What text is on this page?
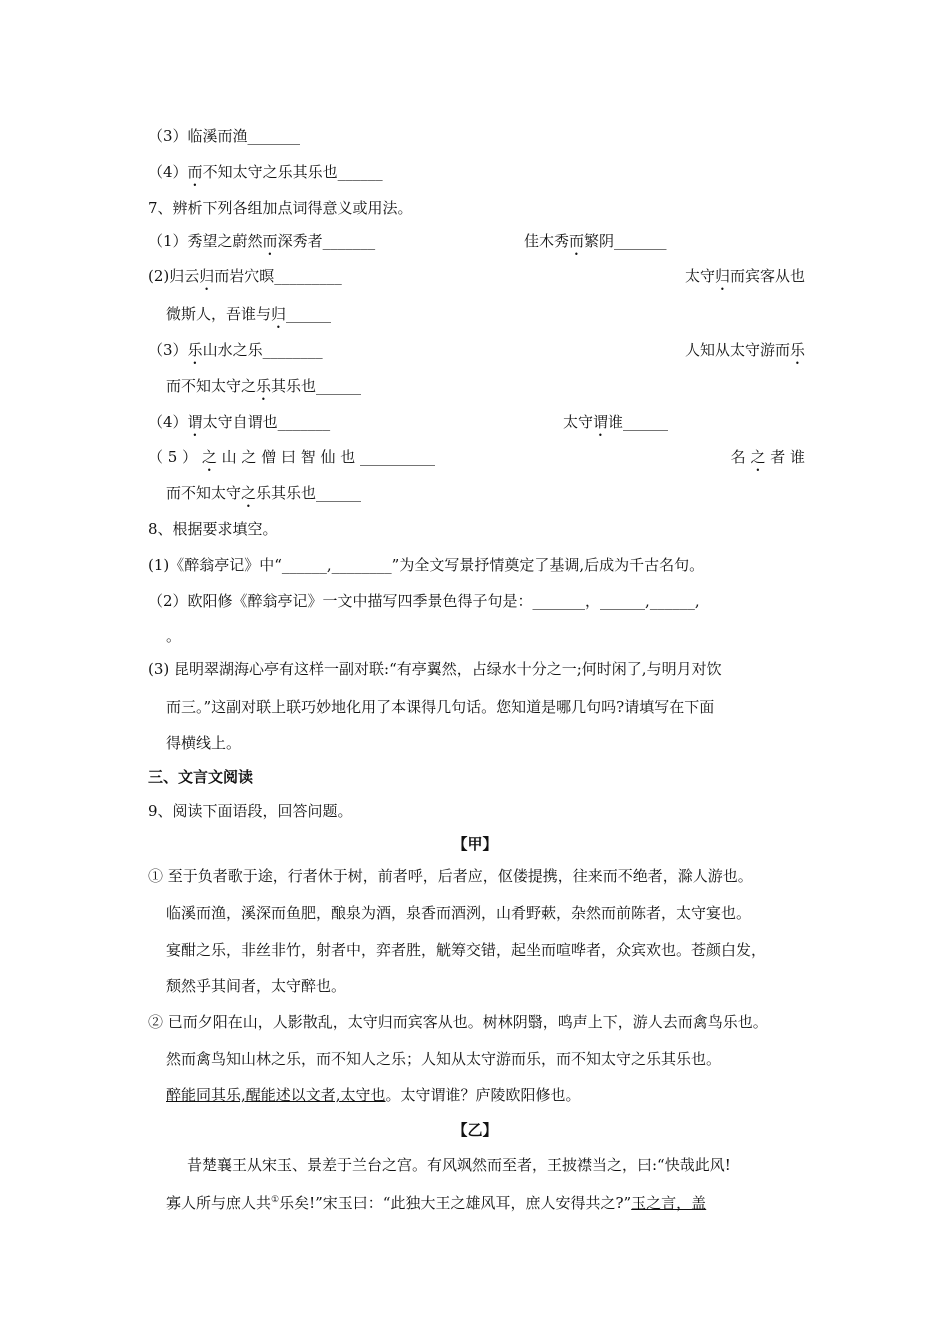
（3）临溪而渔_______
（4）而不知太守之乐其乐也______
7、辨析下列各组加点词得意义或用法。
（1）秀望之蔚然而深秀者_______	佳木秀而繁阴_______
(2)归云归而岩穴暝_________	太守归而宾客从也
微斯人，吾谁与归______
（3）乐山水之乐________	人知从太守游而乐
而不知太守之乐其乐也______
（4）谓太守自谓也_______	太守谓谁______
（ 5 ） 之 山 之 僧 曰 智 仙 也 __________	名 之 者 谁
而不知太守之乐其乐也______
8、根据要求填空。
(1)《醉翁亭记》中“______,________”为全文写景抒情奠定了基调,后成为千古名句。
（2）欧阳修《醉翁亭记》一文中描写四季景色得子句是：_______，______,______,
。
(3) 昆明翠湖海心亭有这样一副对联:“有亭翼然，占绿水十分之一;何时闲了,与明月对饮
而三。”这副对联上联巧妙地化用了本课得几句话。您知道是哪几句吗?请填写在下面
得横线上。
三、文言文阅读
9、阅读下面语段，回答问题。
【甲】
① 至于负者歌于途，行者休于树，前者呼，后者应，伛偻提携，往来而不绝者，滁人游也。
临溪而渔，溪深而鱼肥，酿泉为酒，泉香而酒洌，山肴野蔌，杂然而前陈者，太守宴也。
宴酣之乐，非丝非竹，射者中，弈者胜，觥筹交错，起坐而喧哗者，众宾欢也。苍颜白发，
颓然乎其间者，太守醉也。
② 已而夕阳在山，人影散乱，太守归而宾客从也。树林阴翳，鸣声上下，游人去而禽鸟乐也。
然而禽鸟知山林之乐，而不知人之乐；人知从太守游而乐，而不知太守之乐其乐也。
醉能同其乐,醒能述以文者,太守也。太守谓谁？庐陵欧阳修也。
【乙】
昔楚襄王从宋玉、景差于兰台之宫。有风飒然而至者，王披襟当之，曰:“快哉此风!
寡人所与庶人共①乐矣!”宋玉曰：“此独大王之雄风耳，庶人安得共之?”玉之言，盖
